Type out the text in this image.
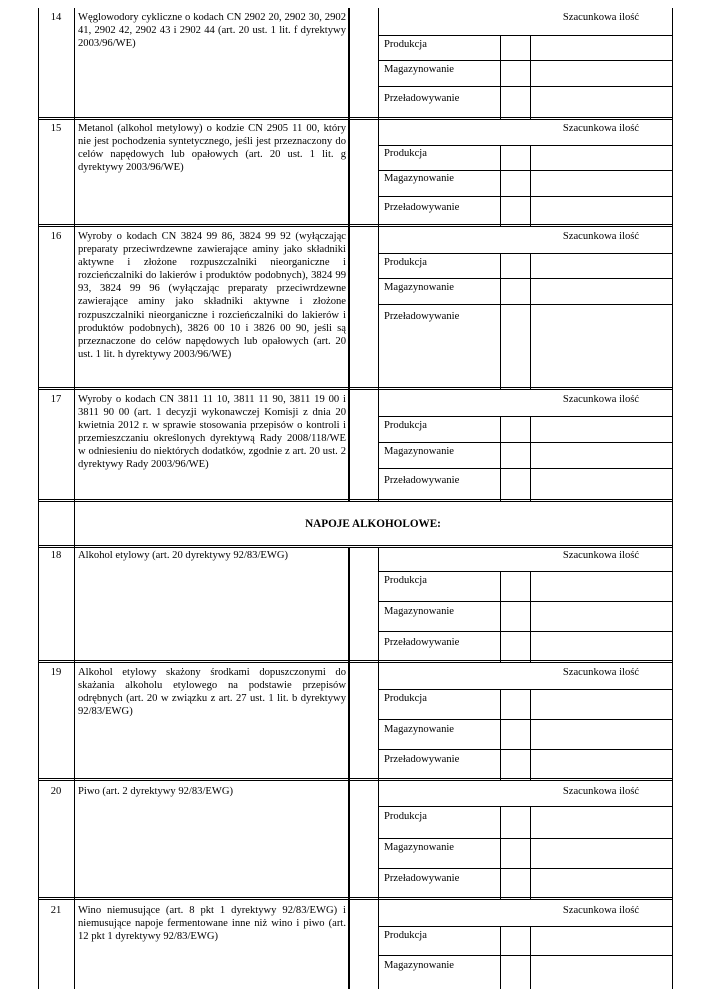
14	Węglowodory cykliczne o kodach CN 2902 20, 2902 30, 2902 41, 2902 42, 2902 43 i 2902 44 (art. 20 ust. 1 lit. f dyrektywy 2003/96/WE)
Szacunkowa ilość
Produkcja
Magazynowanie
Przeładowywanie
15	Metanol (alkohol metylowy) o kodzie CN 2905 11 00, który nie jest pochodzenia syntetycznego, jeśli jest przeznaczony do celów napędowych lub opałowych (art. 20 ust. 1 lit. g dyrektywy 2003/96/WE)
Szacunkowa ilość
Produkcja
Magazynowanie
Przeładowywanie
16	Wyroby o kodach CN 3824 99 86, 3824 99 92 (wyłączając preparaty przeciwrdzewne zawierające aminy jako składniki aktywne i złożone rozpuszczalniki nieorganiczne i rozcieńczalniki do lakierów i produktów podobnych), 3824 99 93, 3824 99 96 (wyłączając preparaty przeciwrdzewne zawierające aminy jako składniki aktywne i złożone rozpuszczalniki nieorganiczne i rozcieńczalniki do lakierów i produktów podobnych), 3826 00 10 i 3826 00 90, jeśli są przeznaczone do celów napędowych lub opałowych (art. 20 ust. 1 lit. h dyrektywy 2003/96/WE)
Szacunkowa ilość
Produkcja
Magazynowanie
Przeładowywanie
17	Wyroby o kodach CN 3811 11 10, 3811 11 90, 3811 19 00 i 3811 90 00 (art. 1 decyzji wykonawczej Komisji z dnia 20 kwietnia 2012 r. w sprawie stosowania przepisów o kontroli i przemieszczaniu określonych dyrektywą Rady 2008/118/WE w odniesieniu do niektórych dodatków, zgodnie z art. 20 ust. 2 dyrektywy Rady 2003/96/WE)
Szacunkowa ilość
Produkcja
Magazynowanie
Przeładowywanie
NAPOJE ALKOHOLOWE:
18	Alkohol etylowy (art. 20 dyrektywy 92/83/EWG)	Szacunkowa ilość
Produkcja
Magazynowanie
Przeładowywanie
19	Alkohol etylowy skażony środkami dopuszczonymi do skażania alkoholu etylowego na podstawie przepisów odrębnych (art. 20 w związku z art. 27 ust. 1 lit. b dyrektywy 92/83/EWG)
Szacunkowa ilość
Produkcja
Magazynowanie
Przeładowywanie
20	Piwo (art. 2 dyrektywy 92/83/EWG)	Szacunkowa ilość
Produkcja
Magazynowanie
Przeładowywanie
21	Wino niemusujące (art. 8 pkt 1 dyrektywy 92/83/EWG) i niemusujące napoje fermentowane inne niż wino i piwo (art. 12 pkt 1 dyrektywy 92/83/EWG)
Szacunkowa ilość
Produkcja
Magazynowanie
